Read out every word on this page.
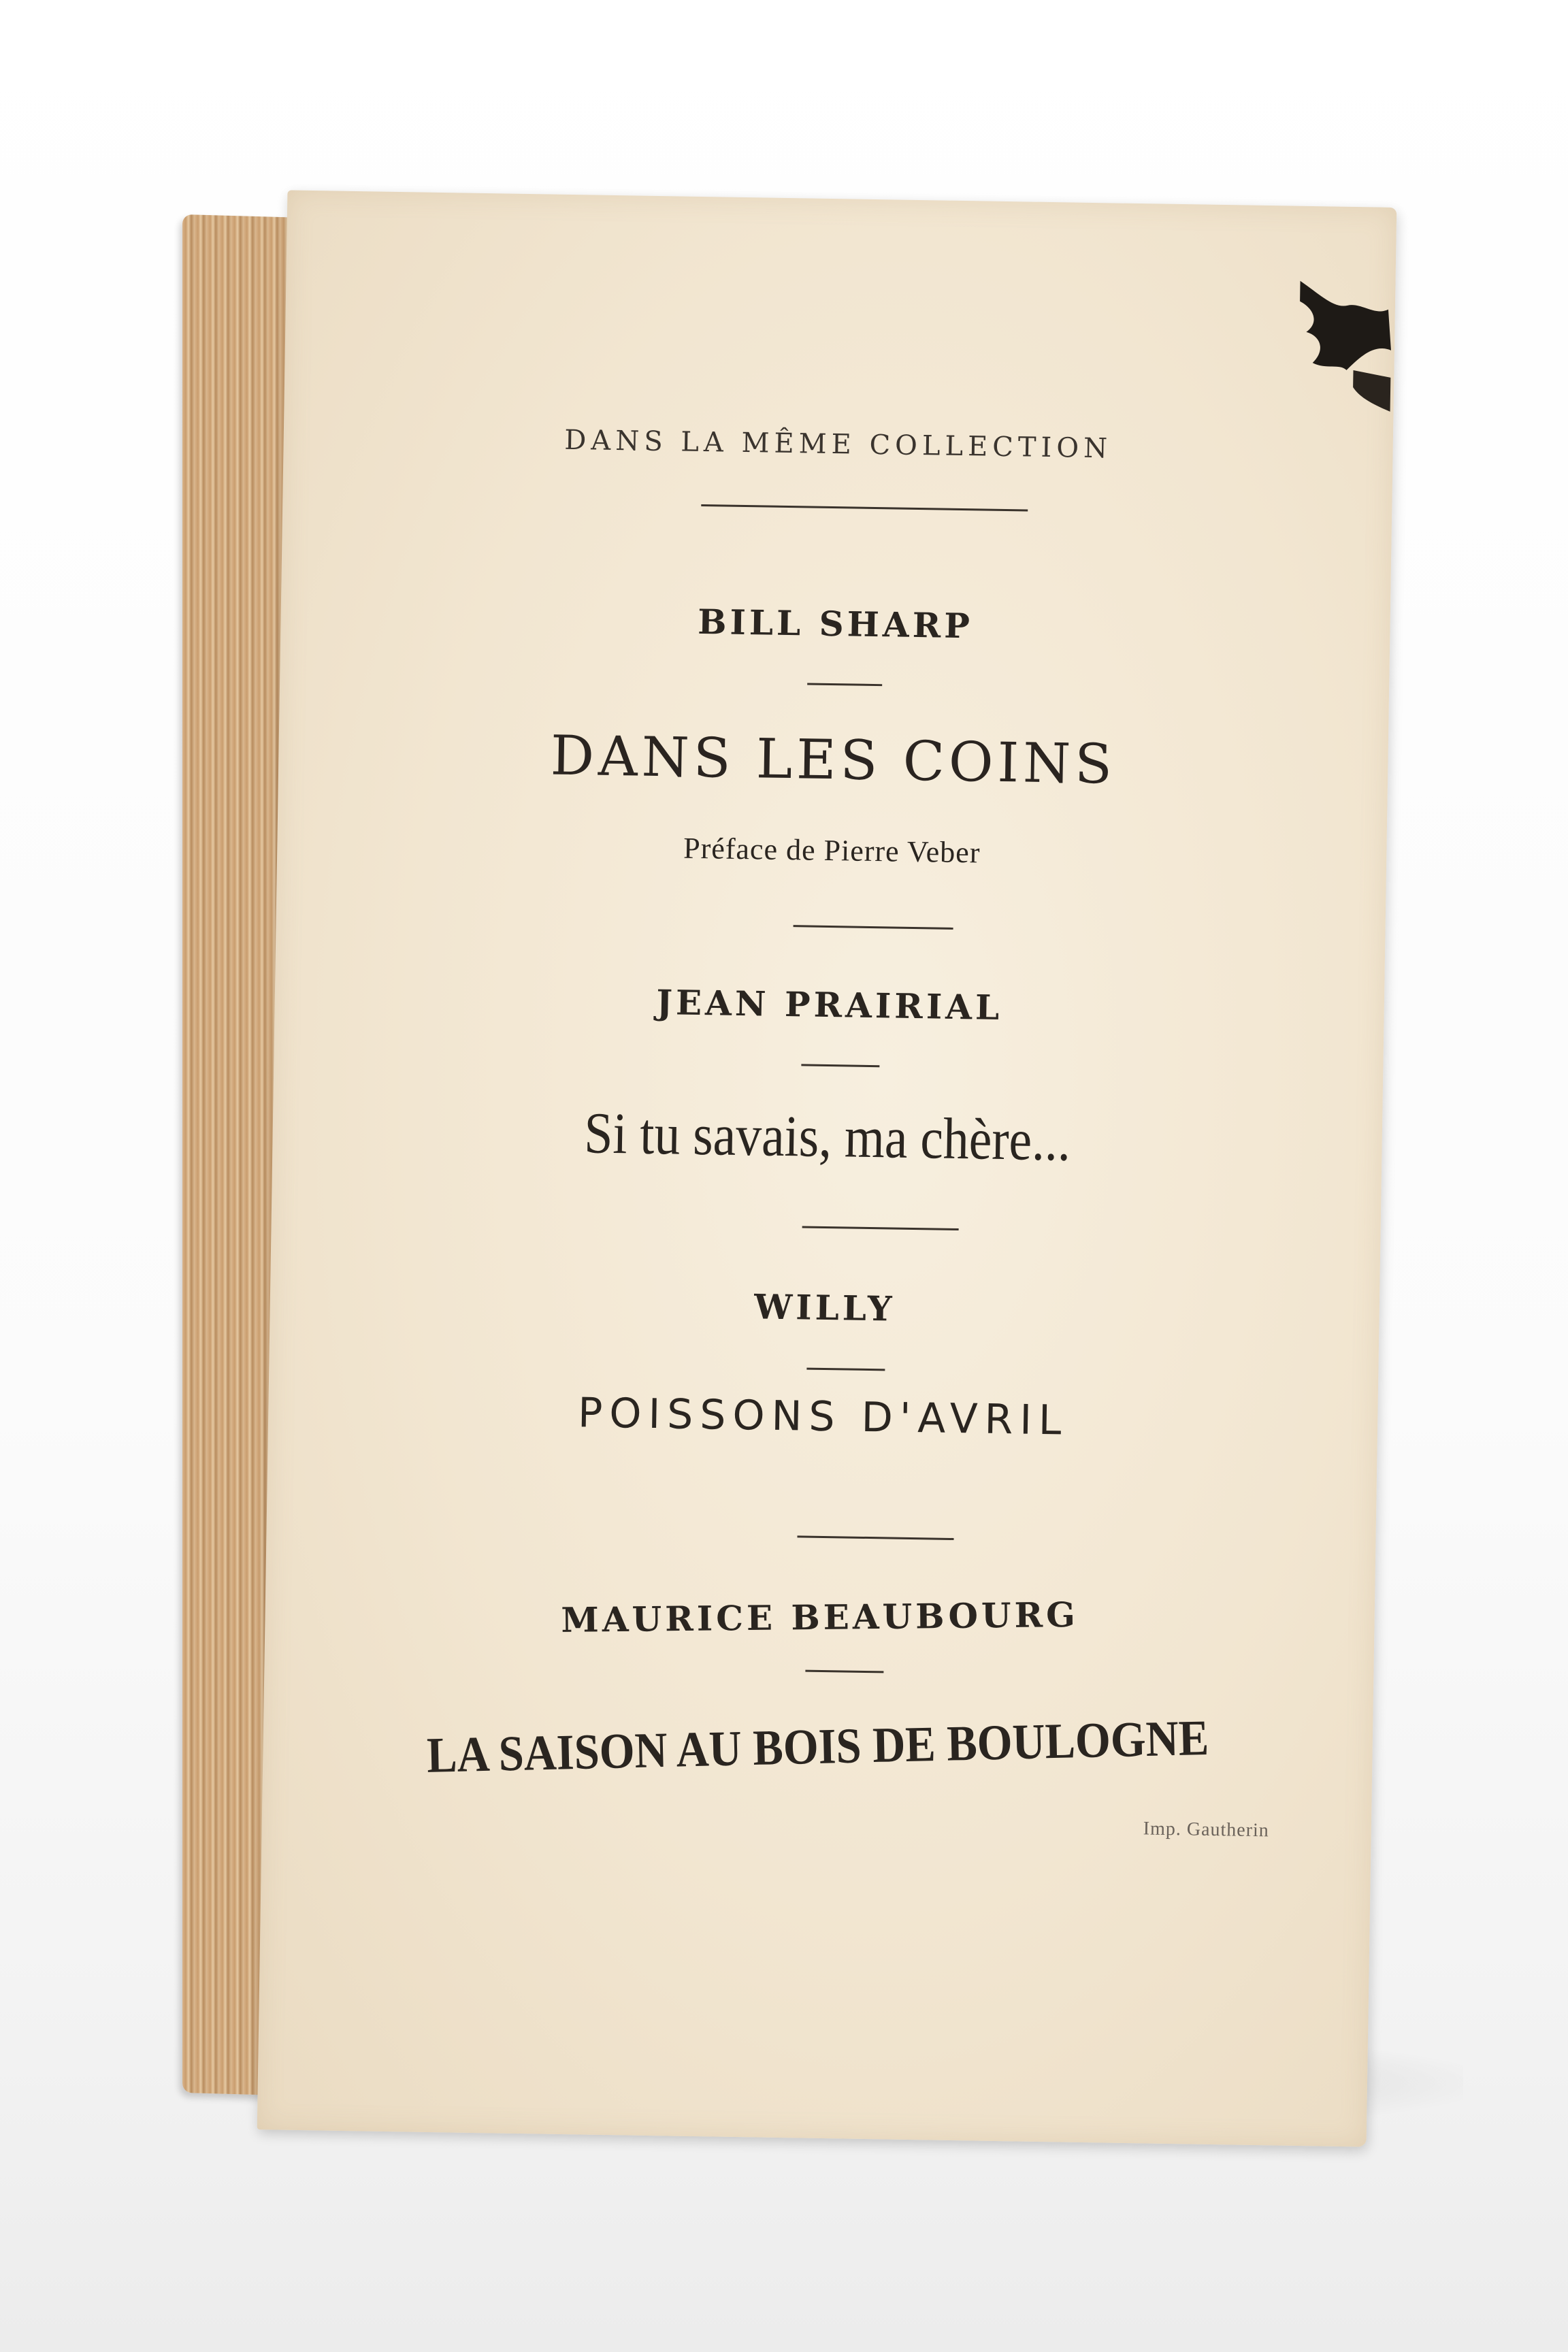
DANS LA MÊME COLLECTION
BILL SHARP
DANS LES COINS
Préface de Pierre Veber
JEAN PRAIRIAL
Si tu savais, ma chère...
WILLY
POISSONS D'AVRIL
MAURICE BEAUBOURG
LA SAISON AU BOIS DE BOULOGNE
Imp. Gautherin
